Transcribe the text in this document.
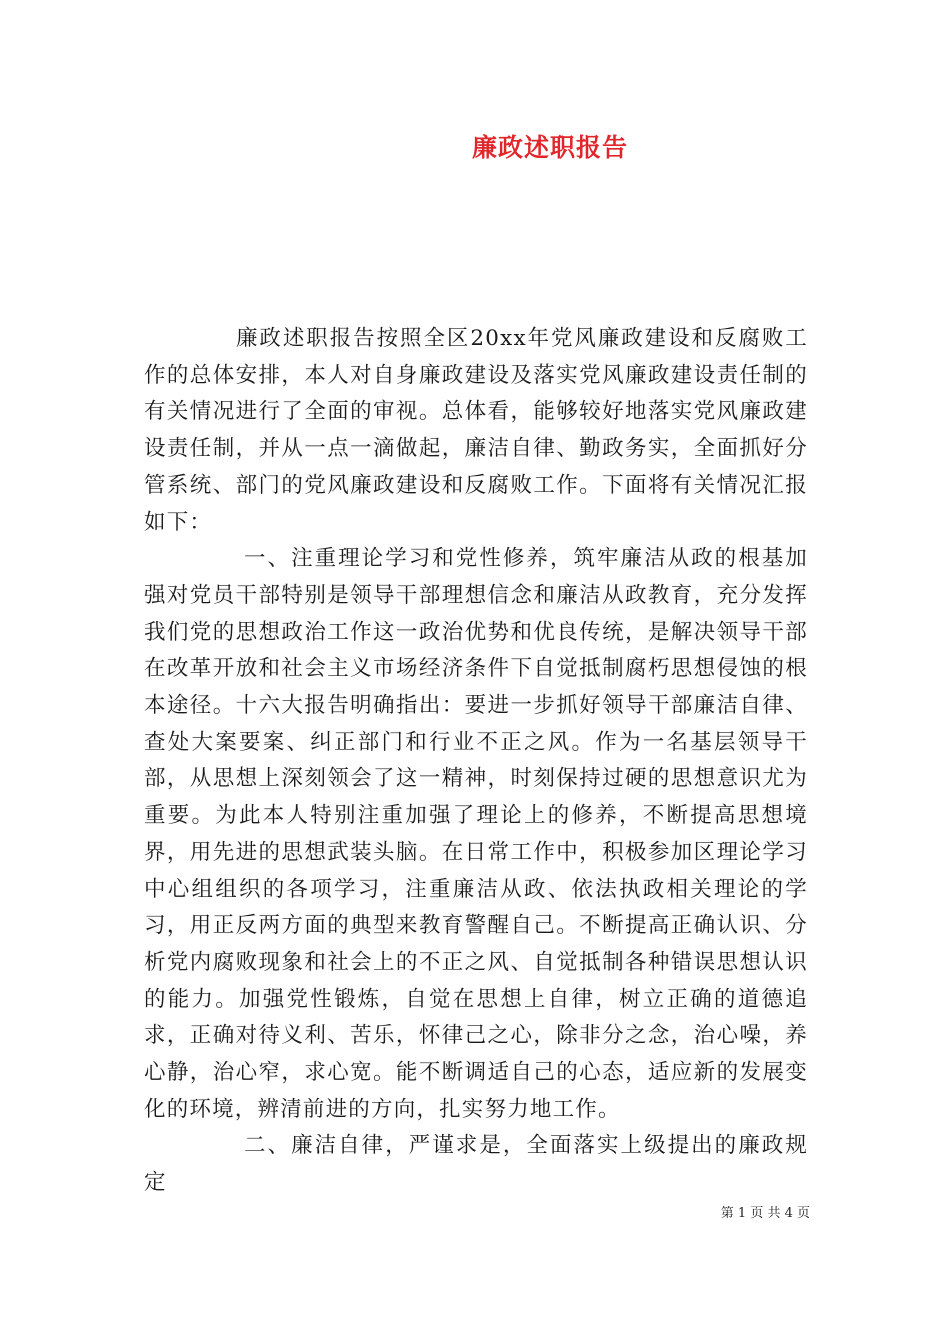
廉政述职报告

廉政述职报告按照全区20xx年党风廉政建设和反腐败工作的总体安排，本人对自身廉政建设及落实党风廉政建设责任制的有关情况进行了全面的审视。总体看，能够较好地落实党风廉政建设责任制，并从一点一滴做起，廉洁自律、勤政务实，全面抓好分管系统、部门的党风廉政建设和反腐败工作。下面将有关情况汇报如下：

一、注重理论学习和党性修养，筑牢廉洁从政的根基加强对党员干部特别是领导干部理想信念和廉洁从政教育，充分发挥我们党的思想政治工作这一政治优势和优良传统，是解决领导干部在改革开放和社会主义市场经济条件下自觉抵制腐朽思想侵蚀的根本途径。十六大报告明确指出：要进一步抓好领导干部廉洁自律、查处大案要案、纠正部门和行业不正之风。作为一名基层领导干部，从思想上深刻领会了这一精神，时刻保持过硬的思想意识尤为重要。为此本人特别注重加强了理论上的修养，不断提高思想境界，用先进的思想武装头脑。在日常工作中，积极参加区理论学习中心组组织的各项学习，注重廉洁从政、依法执政相关理论的学习，用正反两方面的典型来教育警醒自己。不断提高正确认识、分析党内腐败现象和社会上的不正之风、自觉抵制各种错误思想认识的能力。加强党性锻炼，自觉在思想上自律，树立正确的道德追求，正确对待义利、苦乐，怀律己之心，除非分之念，治心噪，养心静，治心窄，求心宽。能不断调适自己的心态，适应新的发展变化的环境，辨清前进的方向，扎实努力地工作。

二、廉洁自律，严谨求是，全面落实上级提出的廉政规定

第 1 页 共 4 页
